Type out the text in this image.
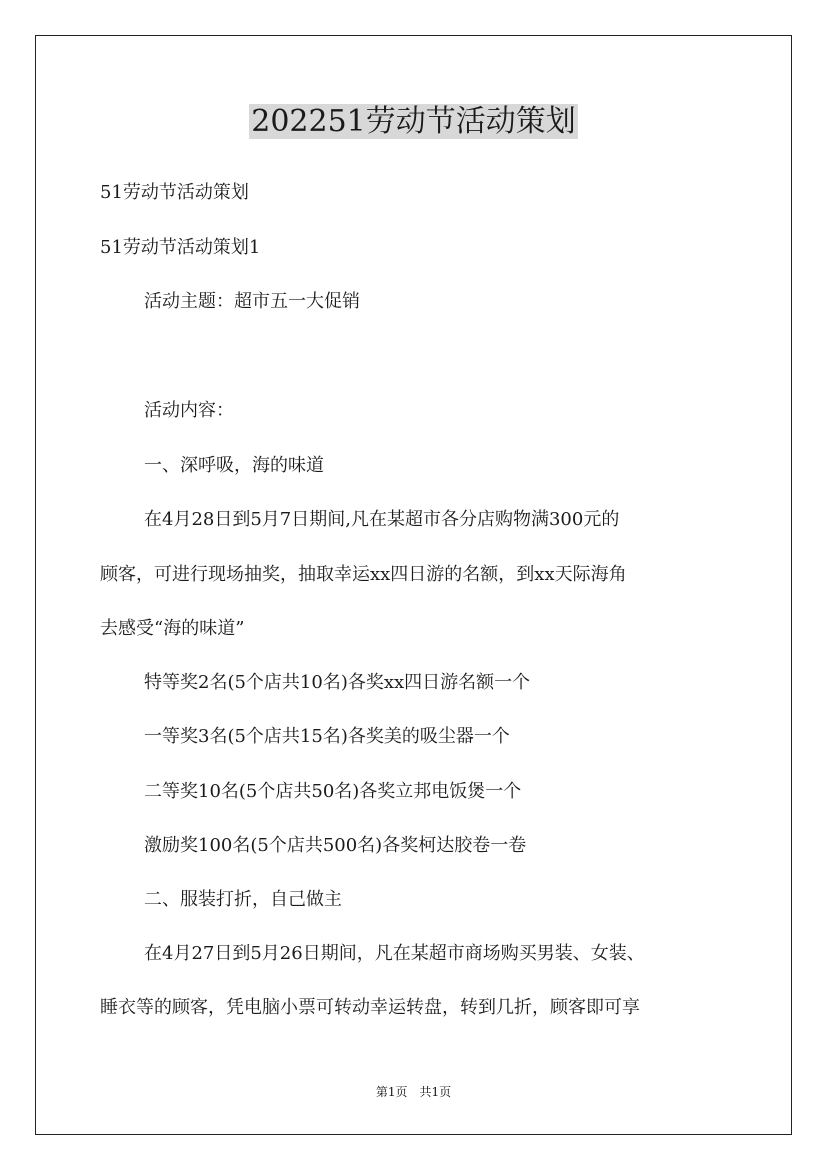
202251劳动节活动策划
51劳动节活动策划
51劳动节活动策划1
活动主题：超市五一大促销
活动内容：
一、深呼吸，海的味道
在4月28日到5月7日期间,凡在某超市各分店购物满300元的
顾客，可进行现场抽奖，抽取幸运xx四日游的名额，到xx天际海角
去感受“海的味道”
特等奖2名(5个店共10名)各奖xx四日游名额一个
一等奖3名(5个店共15名)各奖美的吸尘器一个
二等奖10名(5个店共50名)各奖立邦电饭煲一个
激励奖100名(5个店共500名)各奖柯达胶卷一卷
二、服装打折，自己做主
在4月27日到5月26日期间，凡在某超市商场购买男装、女装、
睡衣等的顾客，凭电脑小票可转动幸运转盘，转到几折，顾客即可享
第1页　共1页
